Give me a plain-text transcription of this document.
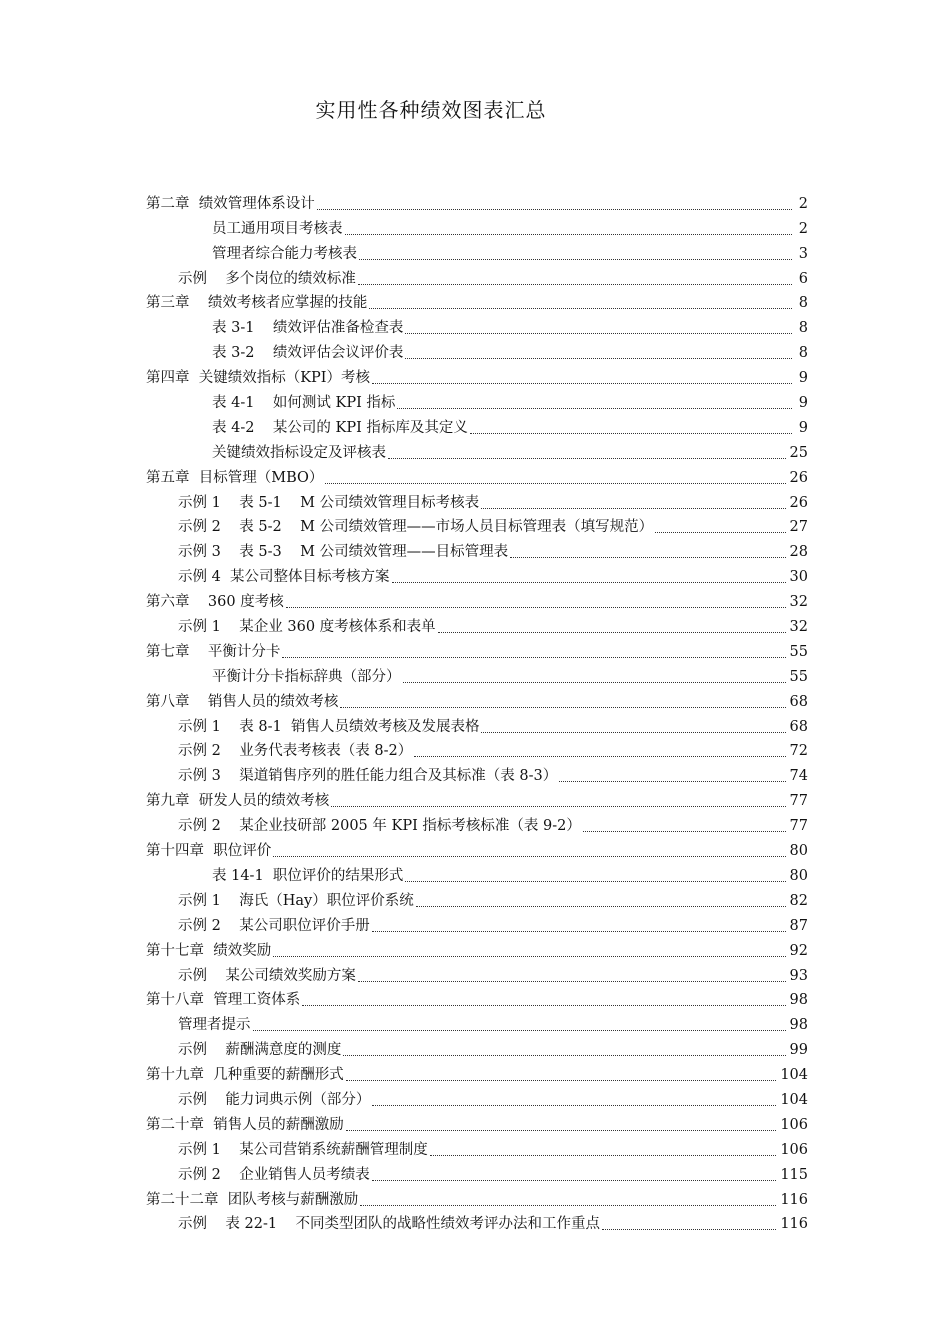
实用性各种绩效图表汇总
第二章  绩效管理体系设计	2
员工通用项目考核表	2
管理者综合能力考核表	3
示例    多个岗位的绩效标准	6
第三章    绩效考核者应掌握的技能	8
表 3-1    绩效评估准备检查表	8
表 3-2    绩效评估会议评价表	8
第四章  关键绩效指标（KPI）考核	9
表 4-1    如何测试 KPI 指标	9
表 4-2    某公司的 KPI 指标库及其定义	9
关键绩效指标设定及评核表	25
第五章  目标管理（MBO）	26
示例 1    表 5-1    M 公司绩效管理目标考核表	26
示例 2    表 5-2    M 公司绩效管理——市场人员目标管理表（填写规范）	27
示例 3    表 5-3    M 公司绩效管理——目标管理表	28
示例 4  某公司整体目标考核方案	30
第六章    360 度考核	32
示例 1    某企业 360 度考核体系和表单	32
第七章    平衡计分卡	55
平衡计分卡指标辞典（部分）	55
第八章    销售人员的绩效考核	68
示例 1    表 8-1  销售人员绩效考核及发展表格	68
示例 2    业务代表考核表（表 8-2）	72
示例 3    渠道销售序列的胜任能力组合及其标准（表 8-3）	74
第九章  研发人员的绩效考核	77
示例 2    某企业技研部 2005 年 KPI 指标考核标准（表 9-2）	77
第十四章  职位评价	80
表 14-1  职位评价的结果形式	80
示例 1    海氏（Hay）职位评价系统	82
示例 2    某公司职位评价手册	87
第十七章  绩效奖励	92
示例    某公司绩效奖励方案	93
第十八章  管理工资体系	98
管理者提示	98
示例    薪酬满意度的测度	99
第十九章  几种重要的薪酬形式	104
示例    能力词典示例（部分）	104
第二十章  销售人员的薪酬激励	106
示例 1    某公司营销系统薪酬管理制度	106
示例 2    企业销售人员考绩表	115
第二十二章  团队考核与薪酬激励	116
示例    表 22-1    不同类型团队的战略性绩效考评办法和工作重点	116
